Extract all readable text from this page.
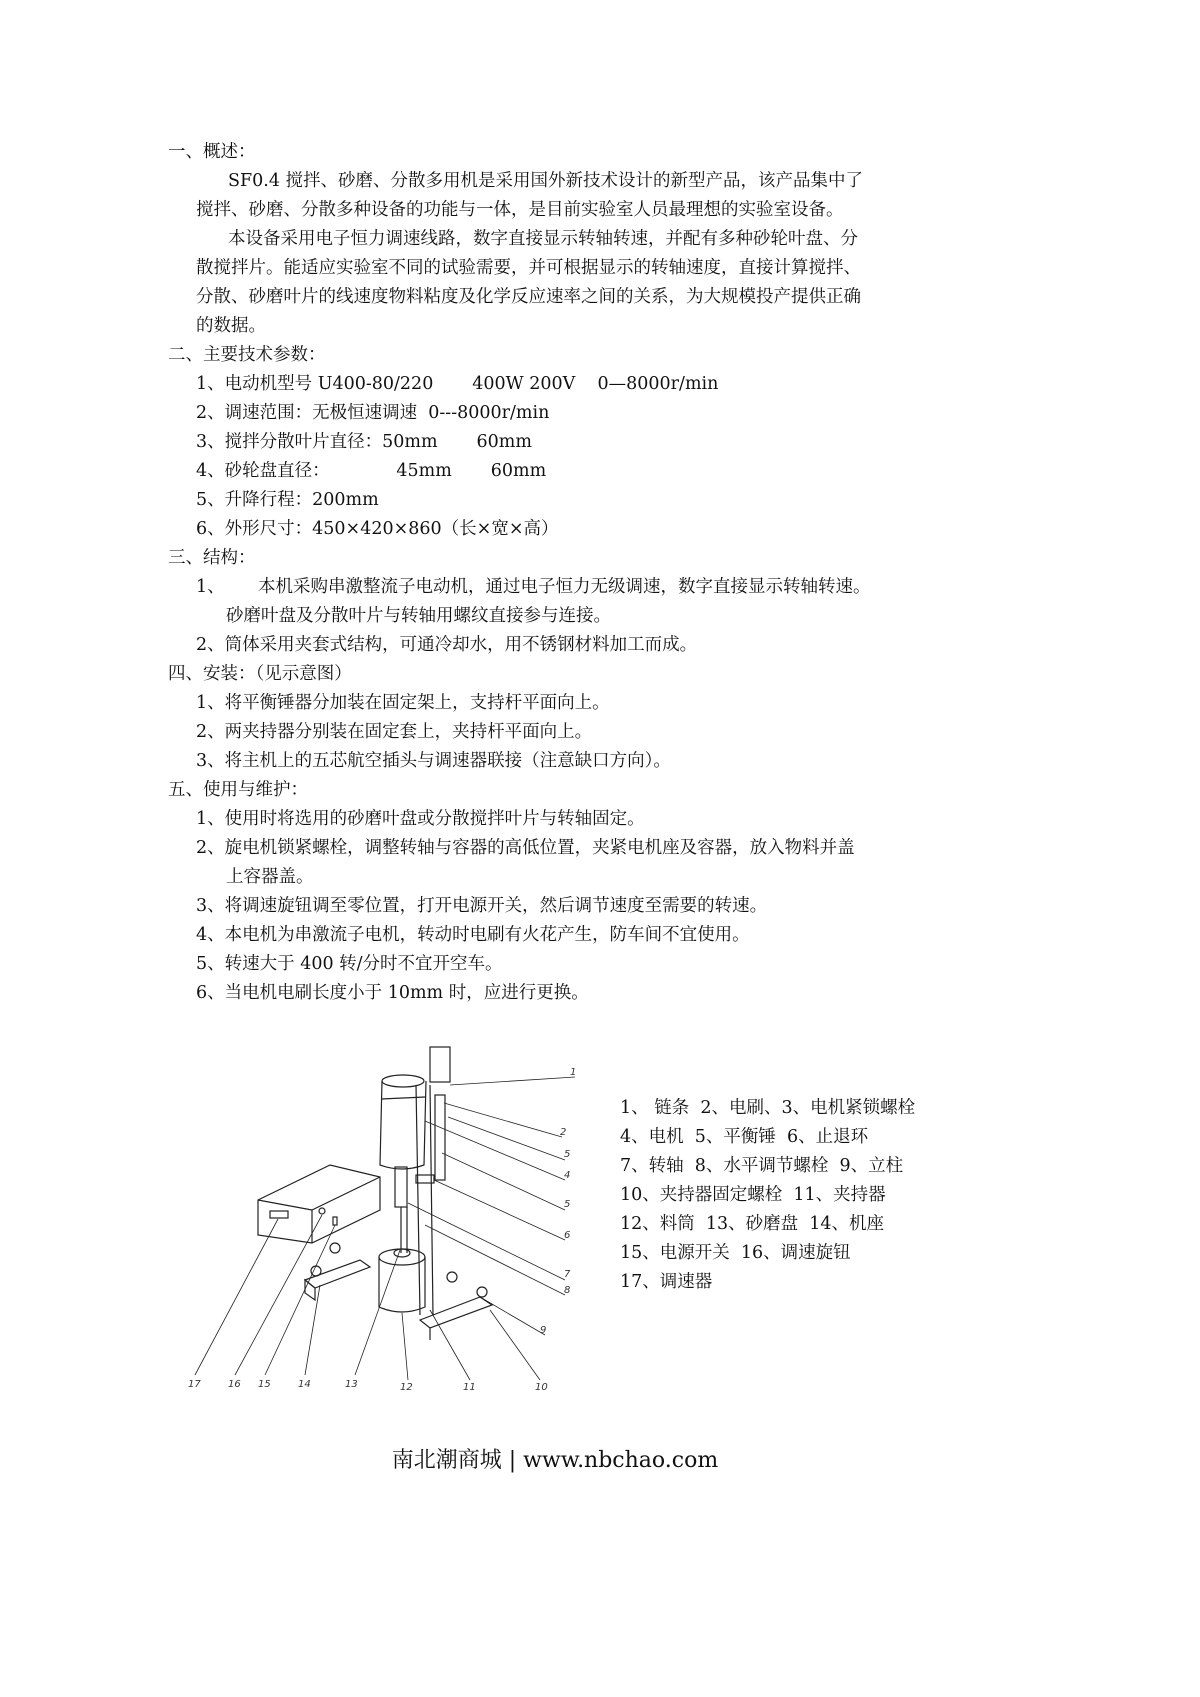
一、概述：
SF0.4 搅拌、砂磨、分散多用机是采用国外新技术设计的新型产品，该产品集中了
搅拌、砂磨、分散多种设备的功能与一体，是目前实验室人员最理想的实验室设备。
本设备采用电子恒力调速线路，数字直接显示转轴转速，并配有多种砂轮叶盘、分
散搅拌片。能适应实验室不同的试验需要，并可根据显示的转轴速度，直接计算搅拌、
分散、砂磨叶片的线速度物料粘度及化学反应速率之间的关系，为大规模投产提供正确
的数据。
二、主要技术参数：
1、电动机型号 U400-80/220       400W 200V    0—8000r/min
2、调速范围：无极恒速调速  0---8000r/min
3、搅拌分散叶片直径：50mm       60mm
4、砂轮盘直径：            45mm       60mm
5、升降行程：200mm
6、外形尺寸：450×420×860（长×宽×高）
三、结构：
1、      本机采购串激整流子电动机，通过电子恒力无级调速，数字直接显示转轴转速。
砂磨叶盘及分散叶片与转轴用螺纹直接参与连接。
2、筒体采用夹套式结构，可通冷却水，用不锈钢材料加工而成。
四、安装：（见示意图）
1、将平衡锤器分加装在固定架上，支持杆平面向上。
2、两夹持器分别装在固定套上，夹持杆平面向上。
3、将主机上的五芯航空插头与调速器联接（注意缺口方向）。
五、使用与维护：
1、使用时将选用的砂磨叶盘或分散搅拌叶片与转轴固定。
2、旋电机锁紧螺栓，调整转轴与容器的高低位置，夹紧电机座及容器，放入物料并盖
上容器盖。
3、将调速旋钮调至零位置，打开电源开关，然后调节速度至需要的转速。
4、本电机为串激流子电机，转动时电刷有火花产生，防车间不宜使用。
5、转速大于 400 转/分时不宜开空车。
6、当电机电刷长度小于 10mm 时，应进行更换。
1
2
5
4
5
6
7
8
9
10
11
12
13
14
15
16
17
1、 链条  2、电刷、3、电机紧锁螺栓
4、电机  5、平衡锤  6、止退环
7、转轴  8、水平调节螺栓  9、立柱
10、夹持器固定螺栓  11、夹持器
12、料筒  13、砂磨盘  14、机座
15、电源开关  16、调速旋钮
17、调速器
南北潮商城 | www.nbchao.com
